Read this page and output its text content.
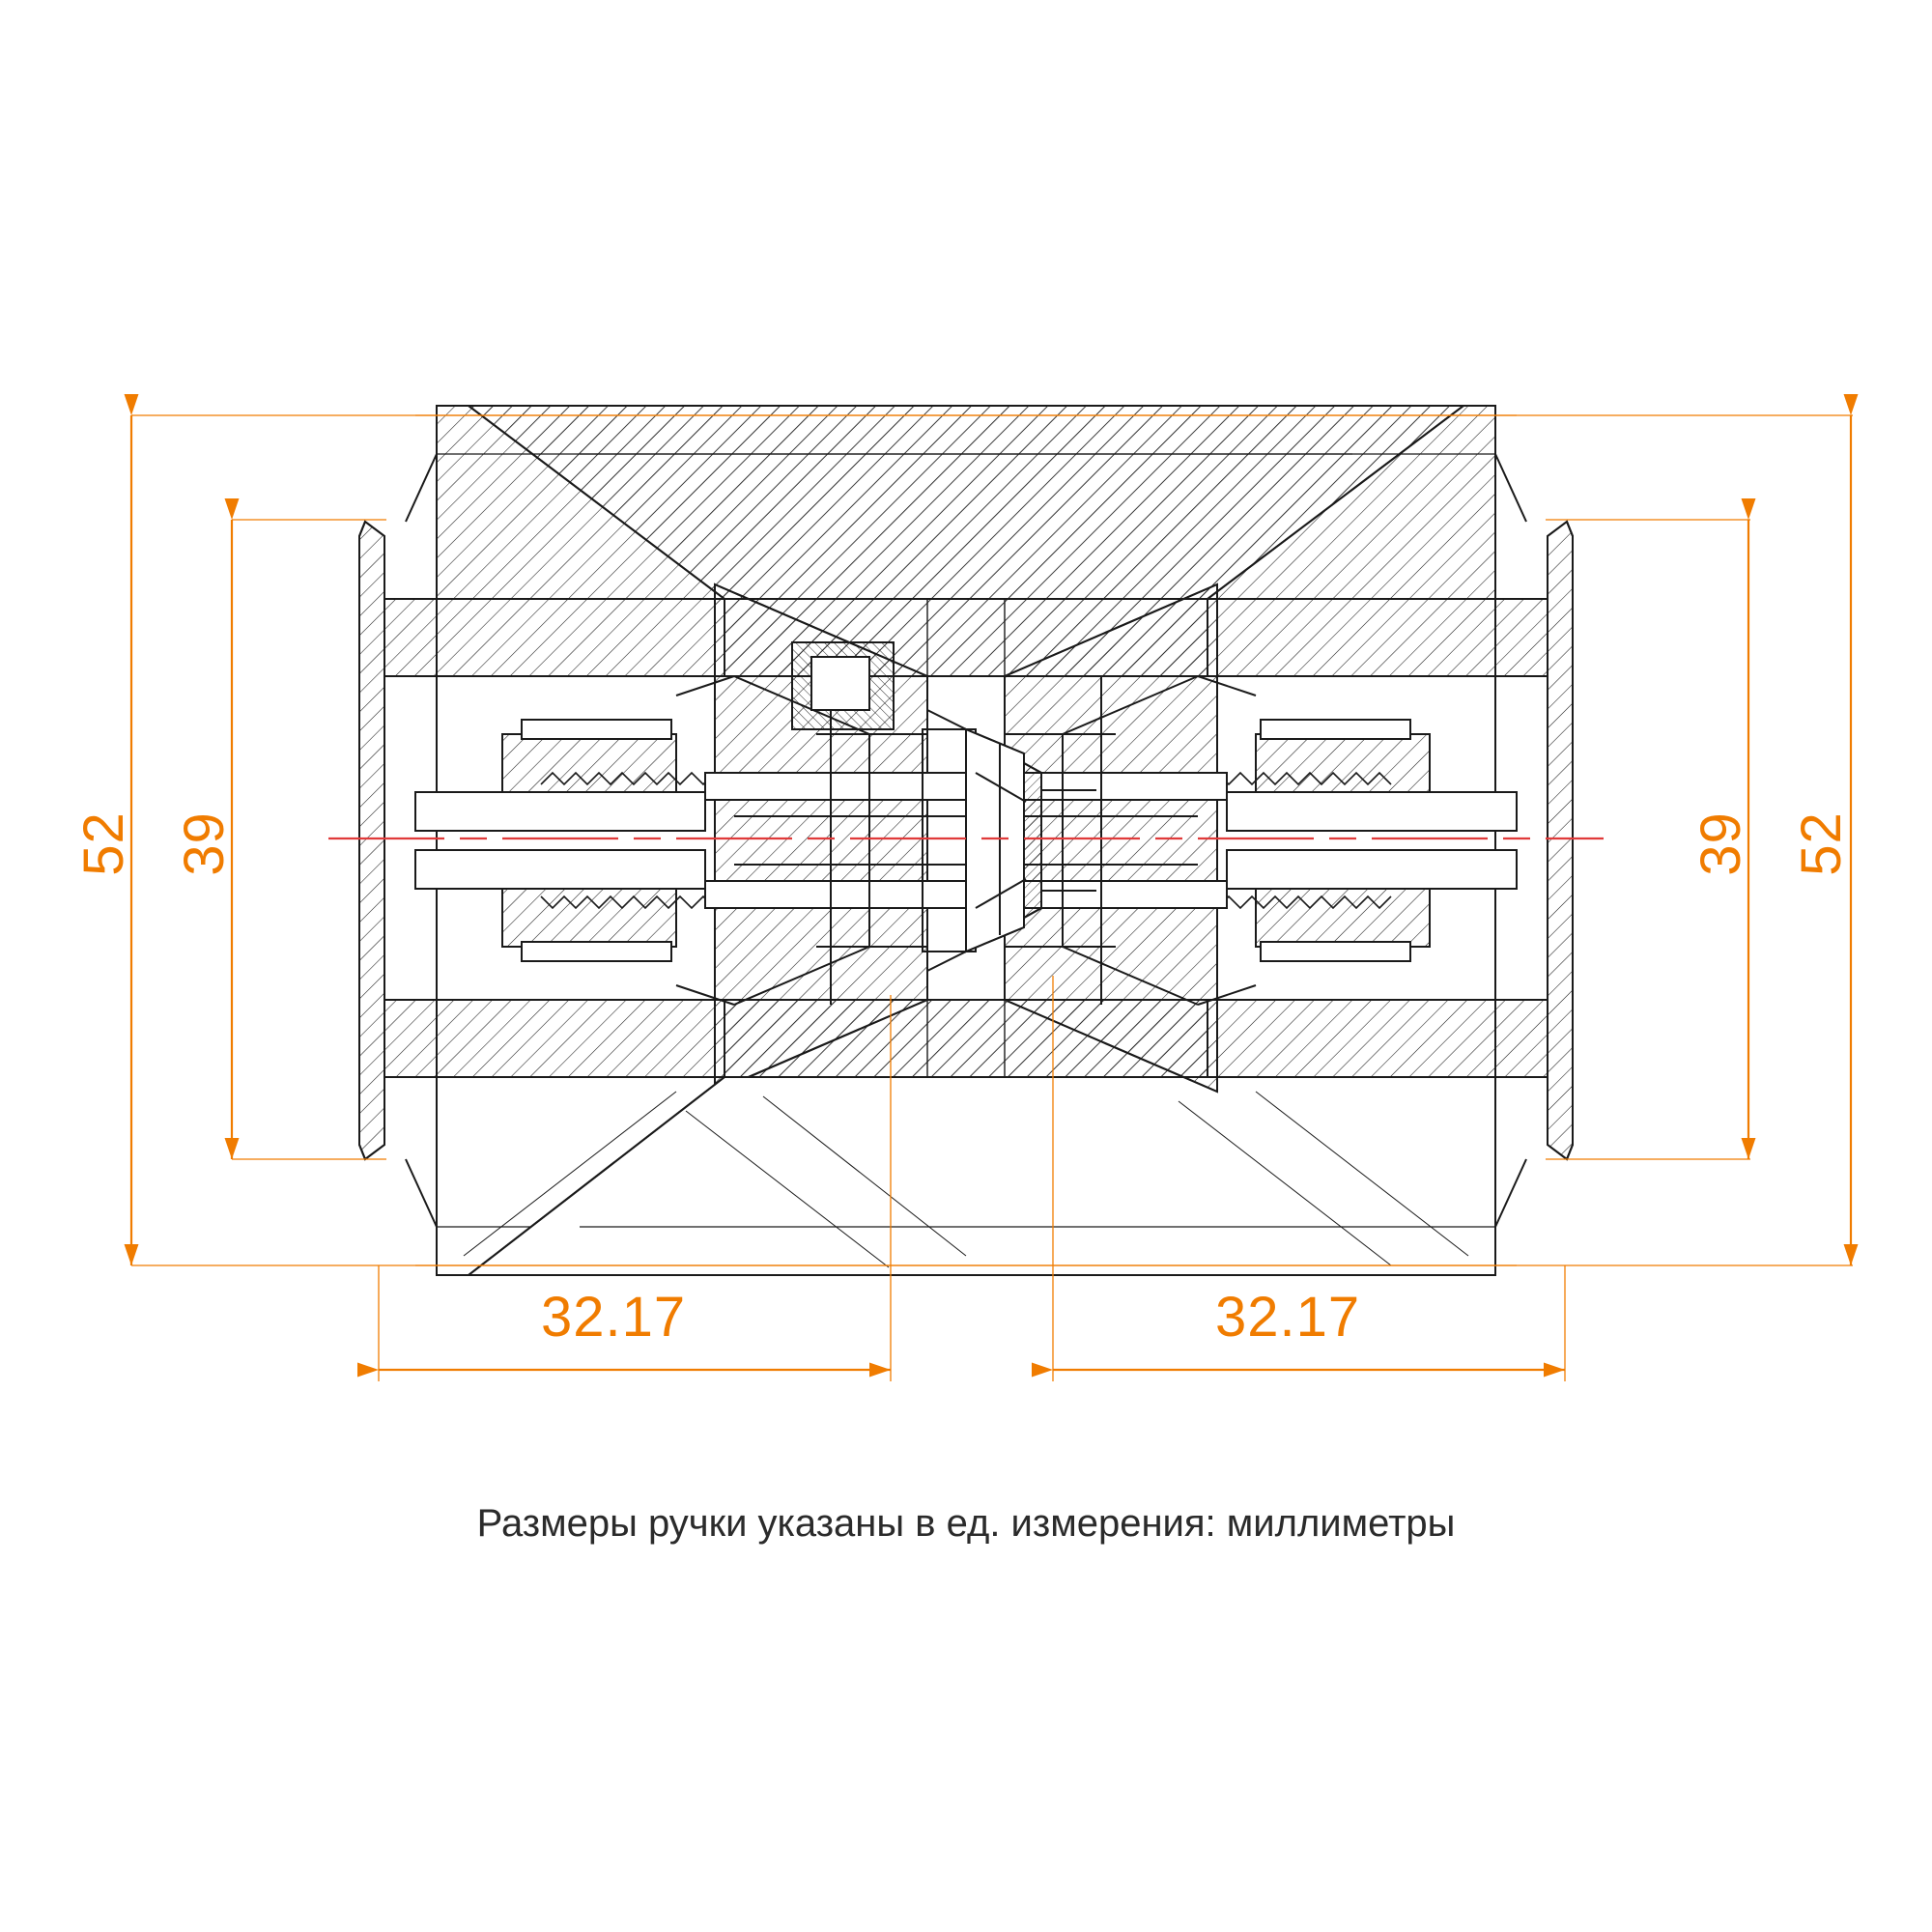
52 39	39 52
32.17	32.17
Размеры ручки указаны в ед. измерения: миллиметры
